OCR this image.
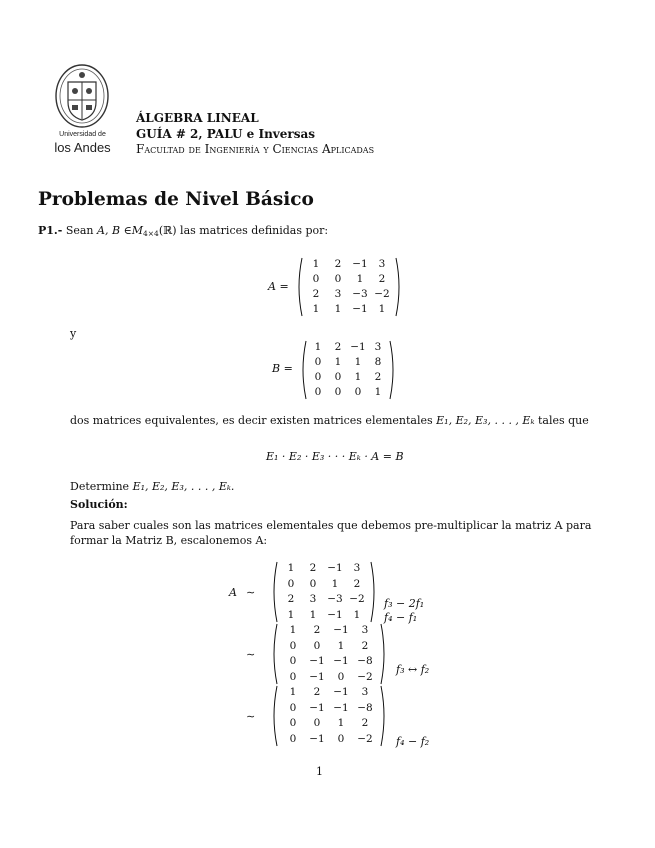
Universidad de
los Andes
ÁLGEBRA LINEAL
GUÍA # 2, PALU e Inversas
Facultad de Ingeniería y Ciencias Aplicadas
Problemas de Nivel Básico
P1.- Sean A, B $\in M_{4\times 4}(ℝ)$ las matrices definidas por:
A =
1	2	−1	3
0	0	1	2
2	3	−3 −2
1	1	−1	1
y
B =
1	2 −1 3
0	1	1	8
0	0	1	2
0	0	0	1
dos matrices equivalentes, es decir existen matrices elementales E₁, E₂, E₃, . . . , Eₖ tales que
E₁ · E₂ · E₃ · · · Eₖ · A = B
Determine E₁, E₂, E₃, . . . , Eₖ.
Solución:
Para saber cuales son las matrices elementales que debemos pre-multiplicar la matriz A para
formar la Matriz B, escalonemos A:
A ∼
1	2	−1	3
0	0	1	2
2	3	−3 −2
1	1	−1	1
f₃ − 2f₁
f₄ − f₁
∼
1	2	−1	3
0	0	1	2
0	−1 −1 −8
0	−1	0	−2
f₃ ↔ f₂
∼
1	2	−1	3
0	−1 −1 −8
0	0	1	2
0	−1	0	−2	f₄ − f₂
1
